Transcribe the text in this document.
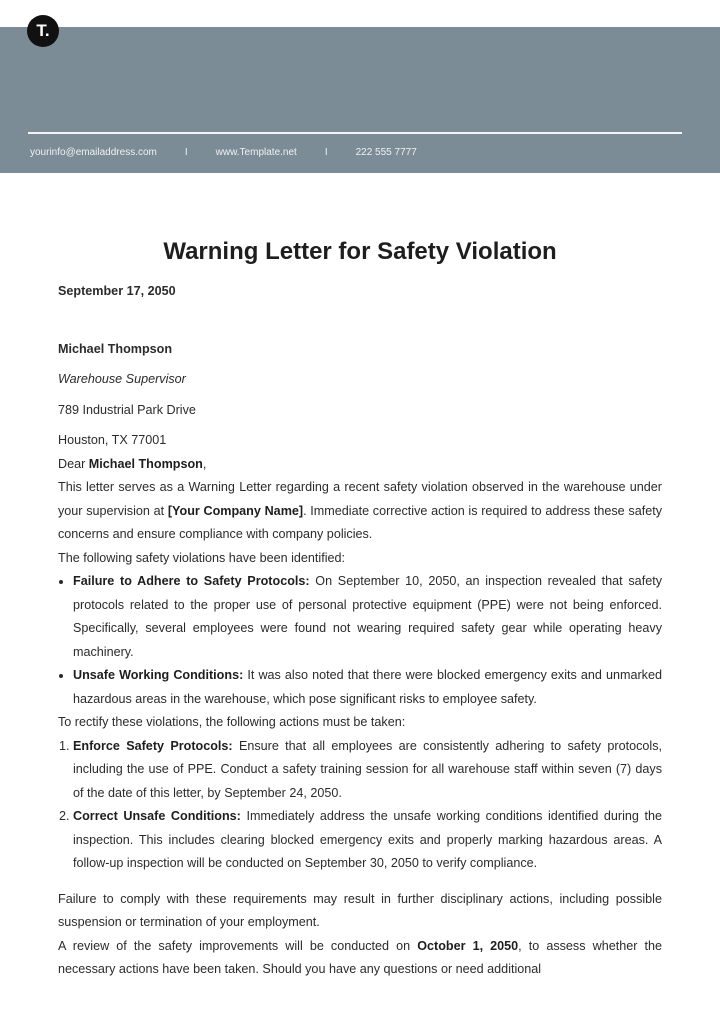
T.
yourinfo@emailaddress.com	I	www.Template.net	I	222 555 7777
Warning Letter for Safety Violation
September 17, 2050
Michael Thompson
Warehouse Supervisor
789 Industrial Park Drive
Houston, TX 77001

Dear Michael Thompson,

This letter serves as a Warning Letter regarding a recent safety violation observed in the warehouse under your supervision at [Your Company Name]. Immediate corrective action is required to address these safety concerns and ensure compliance with company policies.

The following safety violations have been identified:

• Failure to Adhere to Safety Protocols: On September 10, 2050, an inspection revealed that safety protocols related to the proper use of personal protective equipment (PPE) were not being enforced. Specifically, several employees were found not wearing required safety gear while operating heavy machinery.
• Unsafe Working Conditions: It was also noted that there were blocked emergency exits and unmarked hazardous areas in the warehouse, which pose significant risks to employee safety.

To rectify these violations, the following actions must be taken:

1. Enforce Safety Protocols: Ensure that all employees are consistently adhering to safety protocols, including the use of PPE. Conduct a safety training session for all warehouse staff within seven (7) days of the date of this letter, by September 24, 2050.
2. Correct Unsafe Conditions: Immediately address the unsafe working conditions identified during the inspection. This includes clearing blocked emergency exits and properly marking hazardous areas. A follow-up inspection will be conducted on September 30, 2050 to verify compliance.

Failure to comply with these requirements may result in further disciplinary actions, including possible suspension or termination of your employment.

A review of the safety improvements will be conducted on October 1, 2050, to assess whether the necessary actions have been taken. Should you have any questions or need additional
